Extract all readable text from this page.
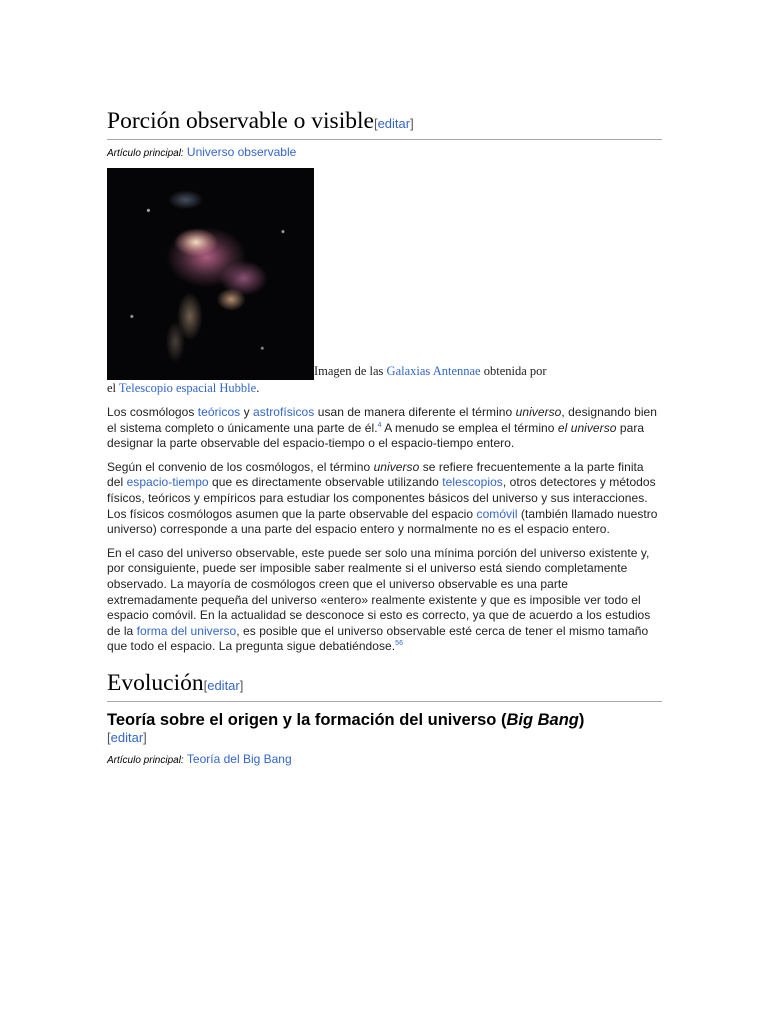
Porción observable o visible[editar]
Artículo principal: Universo observable
Imagen de las Galaxias Antennae obtenida por
el Telescopio espacial Hubble.

Los cosmólogos teóricos y astrofísicos usan de manera diferente el término universo, designando bien el sistema completo o únicamente una parte de él.$^4$ A menudo se emplea el término el universo para designar la parte observable del espacio-tiempo o el espacio-tiempo entero.

Según el convenio de los cosmólogos, el término universo se refiere frecuentemente a la parte finita del espacio-tiempo que es directamente observable utilizando telescopios, otros detectores y métodos físicos, teóricos y empíricos para estudiar los componentes básicos del universo y sus interacciones. Los físicos cosmólogos asumen que la parte observable del espacio comóvil (también llamado nuestro universo) corresponde a una parte del espacio entero y normalmente no es el espacio entero.

En el caso del universo observable, este puede ser solo una mínima porción del universo existente y, por consiguiente, puede ser imposible saber realmente si el universo está siendo completamente observado. La mayoría de cosmólogos creen que el universo observable es una parte extremadamente pequeña del universo «entero» realmente existente y que es imposible ver todo el espacio comóvil. En la actualidad se desconoce si esto es correcto, ya que de acuerdo a los estudios de la forma del universo, es posible que el universo observable esté cerca de tener el mismo tamaño que todo el espacio. La pregunta sigue debatiéndose.$^{56}$

Evolución[editar]
Teoría sobre el origen y la formación del universo (Big Bang)
[editar]
Artículo principal: Teoría del Big Bang
